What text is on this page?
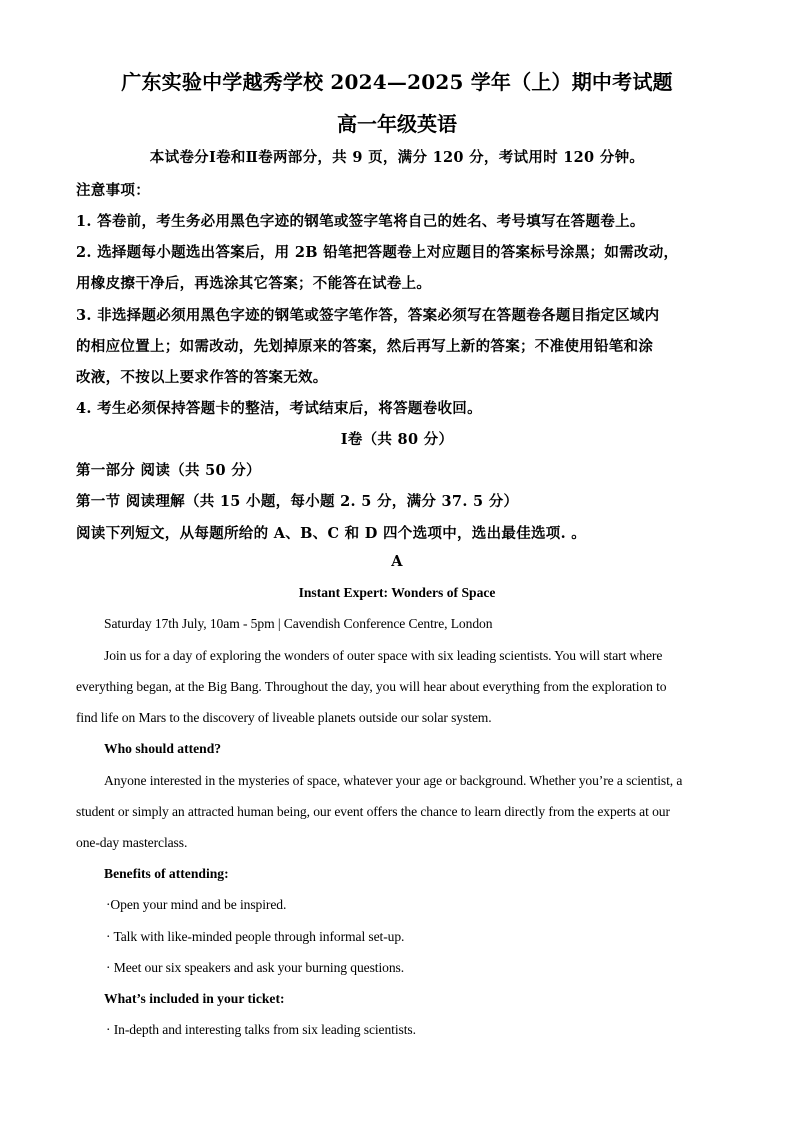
广东实验中学越秀学校 2024—2025 学年（上）期中考试题
高一年级英语
本试卷分Ⅰ卷和Ⅱ卷两部分，共 9 页，满分 120 分，考试用时 120 分钟。
注意事项：
1. 答卷前，考生务必用黑色字迹的钢笔或签字笔将自己的姓名、考号填写在答题卷上。
2. 选择题每小题选出答案后，用 2B 铅笔把答题卷上对应题目的答案标号涂黑；如需改动，
用橡皮擦干净后，再选涂其它答案；不能答在试卷上。
3. 非选择题必须用黑色字迹的钢笔或签字笔作答，答案必须写在答题卷各题目指定区域内
的相应位置上；如需改动，先划掉原来的答案，然后再写上新的答案；不准使用铅笔和涂
改液，不按以上要求作答的答案无效。
4. 考生必须保持答题卡的整洁，考试结束后，将答题卷收回。
Ⅰ卷（共 80 分）
第一部分 阅读（共 50 分）
第一节 阅读理解（共 15 小题，每小题 2. 5 分，满分 37. 5 分）
阅读下列短文，从每题所给的 A、B、C 和 D 四个选项中，选出最佳选项. 。
A
Instant Expert: Wonders of Space
Saturday 17th July, 10am - 5pm | Cavendish Conference Centre, London
Join us for a day of exploring the wonders of outer space with six leading scientists. You will start where
everything began, at the Big Bang. Throughout the day, you will hear about everything from the exploration to
find life on Mars to the discovery of liveable planets outside our solar system.
Who should attend?
Anyone interested in the mysteries of space, whatever your age or background. Whether you’re a scientist, a
student or simply an attracted human being, our event offers the chance to learn directly from the experts at our
one-day masterclass.
Benefits of attending:
·Open your mind and be inspired.
· Talk with like-minded people through informal set-up.
· Meet our six speakers and ask your burning questions.
What’s included in your ticket:
· In-depth and interesting talks from six leading scientists.
